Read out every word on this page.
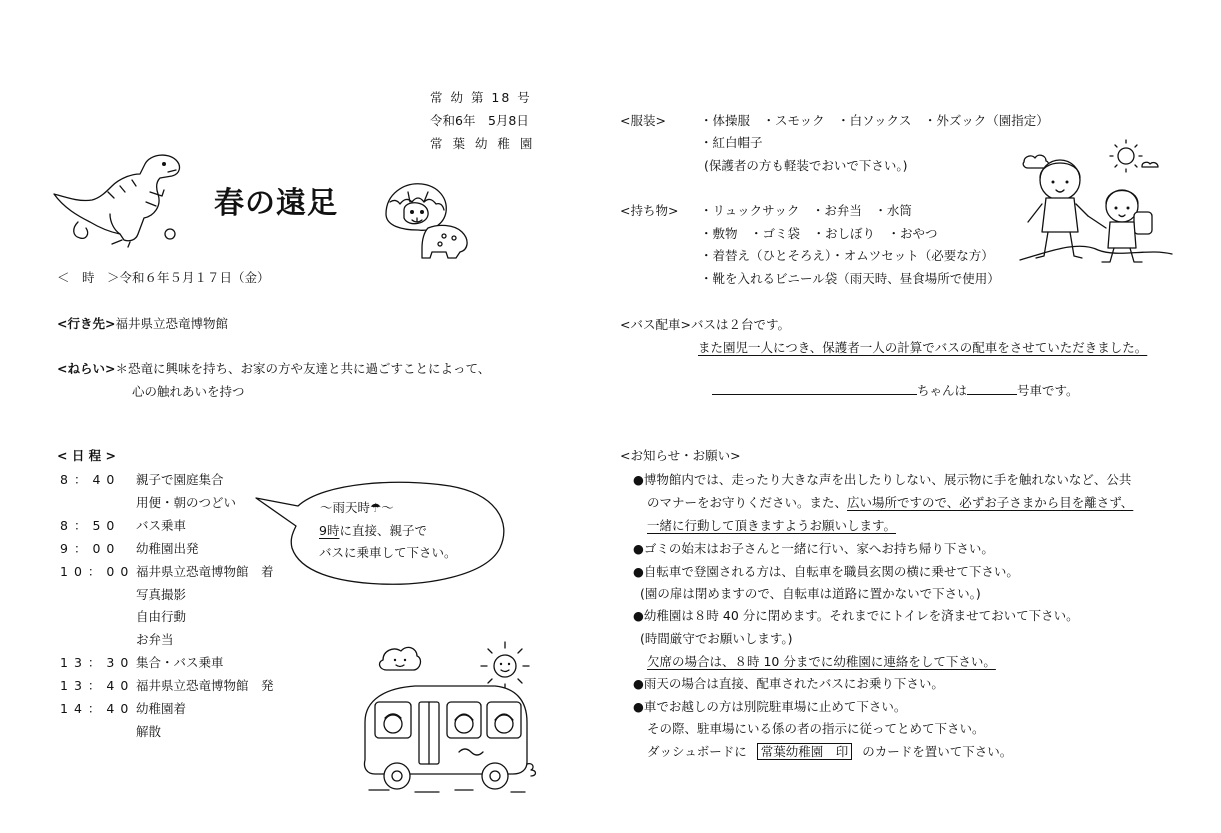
常 幼 第 18 号
令和6年　5月8日
常 葉 幼 稚 園
春の遠足
＜　時　＞令和６年５月１７日（金）
<行き先>福井県立恐竜博物館
<ねらい>＊恐竜に興味を持ち、お家の方や友達と共に過ごすことによって、
心の触れあいを持つ
< 日 程 >
8：40 親子で園庭集合
用便・朝のつどい
8：50 バス乗車
9：00 幼稚園出発
10：00 福井県立恐竜博物館　着
写真撮影
自由行動
お弁当
13：30 集合・バス乗車
13：40 福井県立恐竜博物館　発
14：40 幼稚園着
解散
～雨天時☂～
9時に直接、親子で
バスに乗車して下さい。
<服装>	・体操服　・スモック　・白ソックス　・外ズック（園指定）
・紅白帽子
(保護者の方も軽装でおいで下さい。)
<持ち物> ・リュックサック　・お弁当　・水筒
・敷物　・ゴミ袋　・おしぼり　・おやつ
・着替え（ひとそろえ）・オムツセット（必要な方）
・靴を入れるビニール袋（雨天時、昼食場所で使用）
<バス配車>バスは２台です。
また園児一人につき、保護者一人の計算でバスの配車をさせていただきました。
ちゃんは	号車です。
<お知らせ・お願い>
●博物館内では、走ったり大きな声を出したりしない、展示物に手を触れないなど、公共
のマナーをお守りください。また、広い場所ですので、必ずお子さまから目を離さず、
一緒に行動して頂きますようお願いします。
●ゴミの始末はお子さんと一緒に行い、家へお持ち帰り下さい。
●自転車で登園される方は、自転車を職員玄関の横に乗せて下さい。
(園の扉は閉めますので、自転車は道路に置かないで下さい。)
●幼稚園は８時 40 分に閉めます。それまでにトイレを済ませておいて下さい。
(時間厳守でお願いします。)
欠席の場合は、８時 10 分までに幼稚園に連絡をして下さい。
●雨天の場合は直接、配車されたバスにお乗り下さい。
●車でお越しの方は別院駐車場に止めて下さい。
その際、駐車場にいる係の者の指示に従ってとめて下さい。
ダッシュボードに 常葉幼稚園　印 のカードを置いて下さい。
